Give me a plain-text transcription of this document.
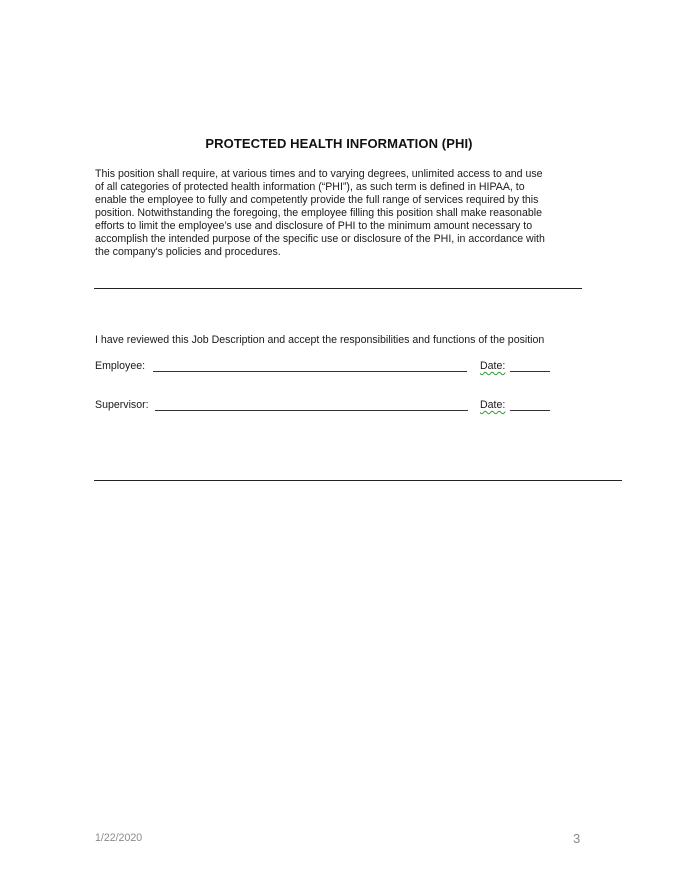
PROTECTED HEALTH INFORMATION (PHI)
This position shall require, at various times and to varying degrees, unlimited access to and use
of all categories of protected health information (“PHI”), as such term is defined in HIPAA, to
enable the employee to fully and competently provide the full range of services required by this
position. Notwithstanding the foregoing, the employee filling this position shall make reasonable
efforts to limit the employee’s use and disclosure of PHI to the minimum amount necessary to
accomplish the intended purpose of the specific use or disclosure of the PHI, in accordance with
the company's policies and procedures.
I have reviewed this Job Description and accept the responsibilities and functions of the position
Employee:	Date:
Supervisor:	Date:
1/22/2020	3
